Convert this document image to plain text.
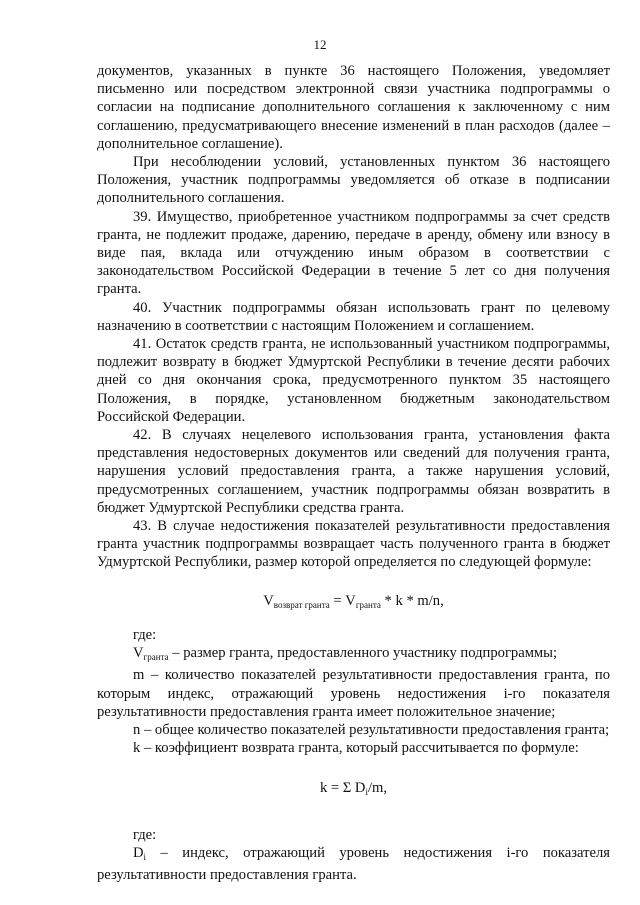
12

документов, указанных в пункте 36 настоящего Положения, уведомляет письменно или посредством электронной связи участника подпрограммы о согласии на подписание дополнительного соглашения к заключенному с ним соглашению, предусматривающего внесение изменений в план расходов (далее – дополнительное соглашение).

При несоблюдении условий, установленных пунктом 36 настоящего Положения, участник подпрограммы уведомляется об отказе в подписании дополнительного соглашения.

39. Имущество, приобретенное участником подпрограммы за счет средств гранта, не подлежит продаже, дарению, передаче в аренду, обмену или взносу в виде пая, вклада или отчуждению иным образом в соответствии с законодательством Российской Федерации в течение 5 лет со дня получения гранта.

40. Участник подпрограммы обязан использовать грант по целевому назначению в соответствии с настоящим Положением и соглашением.

41. Остаток средств гранта, не использованный участником подпрограммы, подлежит возврату в бюджет Удмуртской Республики в течение десяти рабочих дней со дня окончания срока, предусмотренного пунктом 35 настоящего Положения, в порядке, установленном бюджетным законодательством Российской Федерации.

42. В случаях нецелевого использования гранта, установления факта представления недостоверных документов или сведений для получения гранта, нарушения условий предоставления гранта, а также нарушения условий, предусмотренных соглашением, участник подпрограммы обязан возвратить в бюджет Удмуртской Республики средства гранта.

43. В случае недостижения показателей результативности предоставления гранта участник подпрограммы возвращает часть полученного гранта в бюджет Удмуртской Республики, размер которой определяется по следующей формуле:

$V_{возврат гранта} = V_{гранта} * k * m/n$,

где:

$V_{гранта}$ – размер гранта, предоставленного участнику подпрограммы;

m – количество показателей результативности предоставления гранта, по которым индекс, отражающий уровень недостижения i-го показателя результативности предоставления гранта имеет положительное значение;

n – общее количество показателей результативности предоставления гранта;

k – коэффициент возврата гранта, который рассчитывается по формуле:

k = Σ $D_i/m$,

где:

$D_i$ – индекс, отражающий уровень недостижения i-го показателя результативности предоставления гранта.
